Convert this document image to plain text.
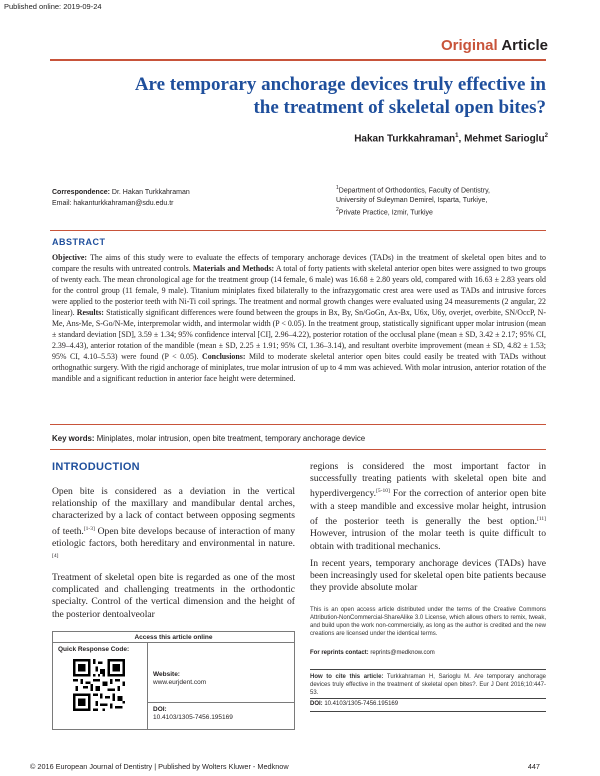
Published online: 2019-09-24
Original Article
Are temporary anchorage devices truly effective in
the treatment of skeletal open bites?
Hakan Turkkahraman$^1$, Mehmet Sarioglu$^2$
Correspondence: Dr. Hakan Turkkahraman
Email: hakanturkkahraman@sdu.edu.tr
$^1$Department of Orthodontics, Faculty of Dentistry,
University of Suleyman Demirel, Isparta, Turkiye,
$^2$Private Practice, Izmir, Turkiye
ABSTRACT
Objective: The aims of this study were to evaluate the effects of temporary anchorage devices (TADs) in the treatment of skeletal open bites and to compare the results with untreated controls. Materials and Methods: A total of forty patients with skeletal anterior open bites were assigned to two groups of twenty each. The mean chronological age for the treatment group (14 female, 6 male) was 16.68 ± 2.80 years old, compared with 16.63 ± 2.83 years old for the control group (11 female, 9 male). Titanium miniplates fixed bilaterally to the infrazygomatic crest area were used as TADs and intrusive forces were applied to the posterior teeth with Ni-Ti coil springs. The treatment and normal growth changes were evaluated using 24 measurements (2 angular, 22 linear). Results: Statistically significant differences were found between the groups in Bx, By, Sn/GoGn, Ax-Bx, U6x, U6y, overjet, overbite, SN/OccP, N-Me, Ans-Me, S-Go/N-Me, interpremolar width, and intermolar width (P < 0.05). In the treatment group, statistically significant upper molar intrusion (mean ± standard deviation [SD], 3.59 ± 1.34; 95% confidence interval [CI], 2.96–4.22), posterior rotation of the occlusal plane (mean ± SD, 3.42 ± 2.17; 95% CI, 2.39–4.43), anterior rotation of the mandible (mean ± SD, 2.25 ± 1.91; 95% CI, 1.36–3.14), and resultant overbite improvement (mean ± SD, 4.82 ± 1.53; 95% CI, 4.10–5.53) were found (P < 0.05). Conclusions: Mild to moderate skeletal anterior open bites could easily be treated with TADs without orthognathic surgery. With the rigid anchorage of miniplates, true molar intrusion of up to 4 mm was achieved. With molar intrusion, anterior rotation of the mandible and a significant reduction in anterior face height were determined.
Key words: Miniplates, molar intrusion, open bite treatment, temporary anchorage device
INTRODUCTION
Open bite is considered as a deviation in the vertical relationship of the maxillary and mandibular dental arches, characterized by a lack of contact between opposing segments of teeth.[1-3] Open bite develops because of interaction of many etiologic factors, both hereditary and environmental in nature.[4]
Treatment of skeletal open bite is regarded as one of the most complicated and challenging treatments in the orthodontic specialty. Control of the vertical dimension and the height of the posterior dentoalveolar
regions is considered the most important factor in successfully treating patients with skeletal open bite and hyperdivergency.[5-10] For the correction of anterior open bite with a steep mandible and excessive molar height, intrusion of the posterior teeth is generally the best option.[11] However, intrusion of the molar teeth is quite difficult to obtain with traditional mechanics.
In recent years, temporary anchorage devices (TADs) have been increasingly used for skeletal open bite patients because they provide absolute molar
Access this article online
Quick Response Code:
Website:
www.eurjdent.com
DOI:
10.4103/1305-7456.195169
This is an open access article distributed under the terms of the Creative Commons Attribution-NonCommercial-ShareAlike 3.0 License, which allows others to remix, tweak, and build upon the work non-commercially, as long as the author is credited and the new creations are licensed under the identical terms.
For reprints contact: reprints@medknow.com
How to cite this article: Turkkahraman H, Sarioglu M. Are temporary anchorage devices truly effective in the treatment of skeletal open bites?. Eur J Dent 2016;10:447-53.
DOI: 10.4103/1305-7456.195169
© 2016 European Journal of Dentistry | Published by Wolters Kluwer - Medknow	447
